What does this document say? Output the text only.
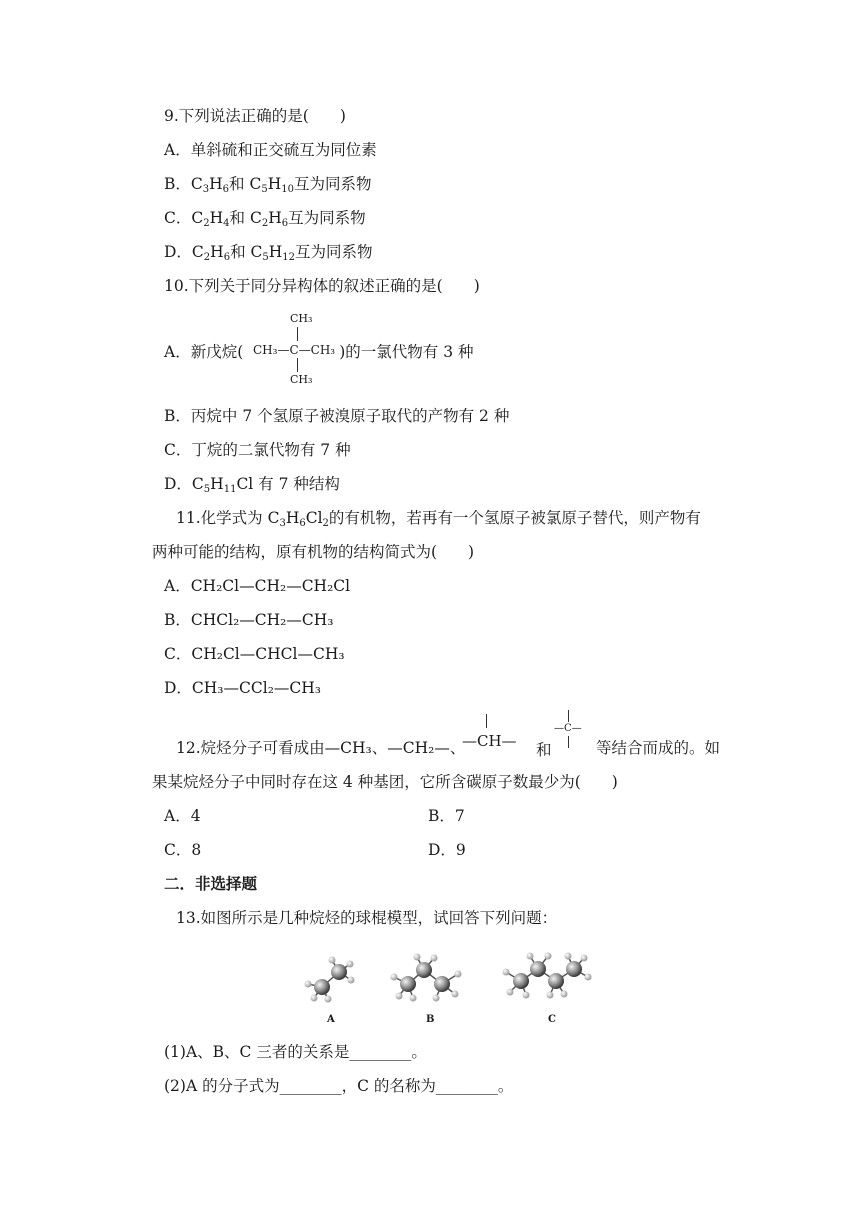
9.下列说法正确的是(　　)
A．单斜硫和正交硫互为同位素
B．$C_3H_6$和 $C_5H_{10}$互为同系物
C．$C_2H_4$和 $C_2H_6$互为同系物
D．$C_2H_6$和 $C_5H_{12}$互为同系物
10.下列关于同分异构体的叙述正确的是(　　)
A．新戊烷(	)的一氯代物有 3 种
CH₃
CH₃—C—CH₃
CH₃
B．丙烷中 7 个氢原子被溴原子取代的产物有 2 种
C．丁烷的二氯代物有 7 种
D．$C_5H_{11}Cl$ 有 7 种结构
11.化学式为 $C_3H_6Cl_2$的有机物，若再有一个氢原子被氯原子替代，则产物有
两种可能的结构，原有机物的结构简式为(　　)
A．CH₂Cl—CH₂—CH₂Cl
B．CHCl₂—CH₂—CH₃
C．CH₂Cl—CHCl—CH₃
D．CH₃—CCl₂—CH₃
12.烷烃分子可看成由—CH₃、—CH₂—、
—CH— 和
—C—
等结合而成的。如
果某烷烃分子中同时存在这 4 种基团，它所含碳原子数最少为(　　)
A．4	B．7
C．8	D．9
二．非选择题
13.如图所示是几种烷烃的球棍模型，试回答下列问题：
A	B	C
(1)A、B、C 三者的关系是________。
(2)A 的分子式为________，C 的名称为________。
